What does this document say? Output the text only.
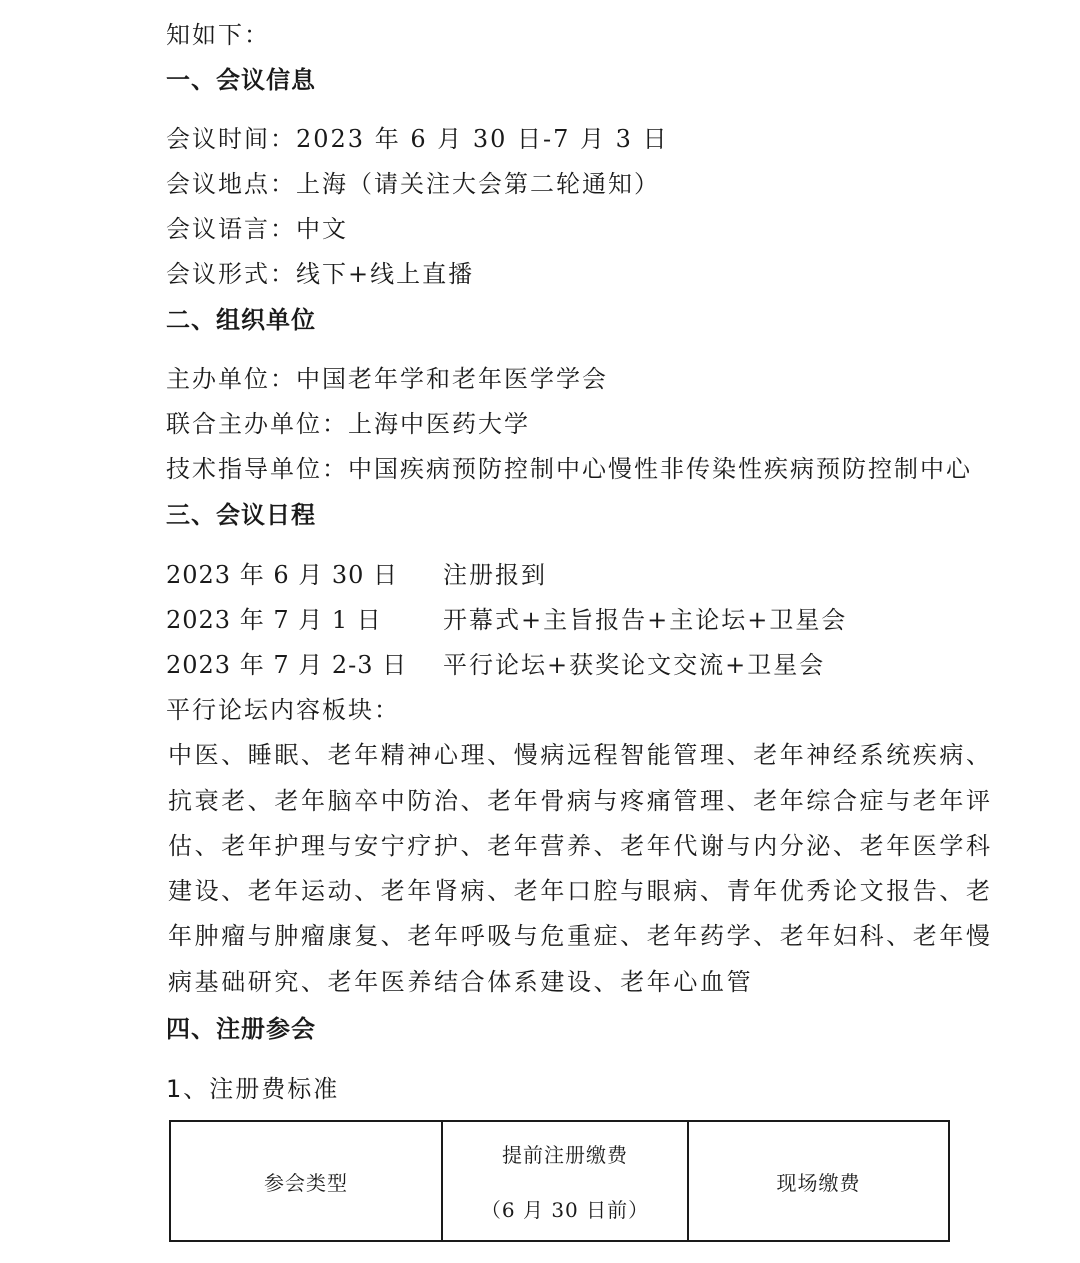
知如下：
一、会议信息
会议时间：2023 年 6 月 30 日-7 月 3 日
会议地点：上海（请关注大会第二轮通知）
会议语言：中文
会议形式：线下+线上直播
二、组织单位
主办单位：中国老年学和老年医学学会
联合主办单位：上海中医药大学
技术指导单位：中国疾病预防控制中心慢性非传染性疾病预防控制中心
三、会议日程
2023 年 6 月 30 日 注册报到
2023 年 7 月 1 日	开幕式+主旨报告+主论坛+卫星会
2023 年 7 月 2-3 日 平行论坛+获奖论文交流+卫星会
平行论坛内容板块：
中医、睡眠、老年精神心理、慢病远程智能管理、老年神经系统疾病、
抗衰老、老年脑卒中防治、老年骨病与疼痛管理、老年综合症与老年评
估、老年护理与安宁疗护、老年营养、老年代谢与内分泌、老年医学科
建设、老年运动、老年肾病、老年口腔与眼病、青年优秀论文报告、老
年肿瘤与肿瘤康复、老年呼吸与危重症、老年药学、老年妇科、老年慢
病基础研究、老年医养结合体系建设、老年心血管
四、注册参会
1、注册费标准
参会类型	提前注册缴费
（6 月 30 日前）
	现场缴费
